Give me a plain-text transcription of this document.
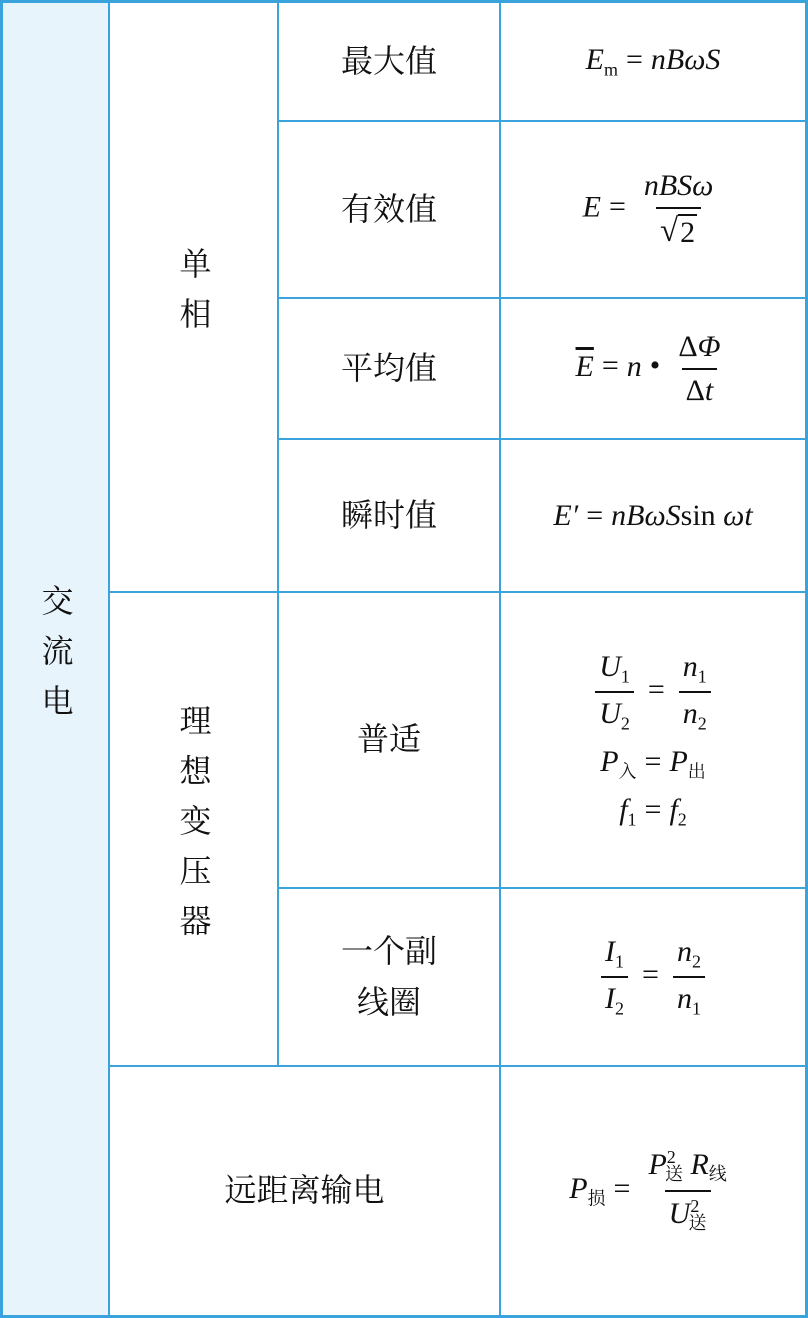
交流电
单相
理想变压器
远距离输电
最大值
有效值
平均值
瞬时值
普适
一个副
线圈
$E_m = nB\omega S$
$E = \frac{\text{nBSω}}{√ 2}$
$\overline{E} = n$ • $\frac{\Delta\Phi}{\Delta t}$
E′ = nBωSsin ωt
$\frac{U_1}{U_2} = \frac{n_1}{n_2}$
$P_入 = P_出$
$f_1 = f_2$
$\frac{I_1}{I_2} = \frac{n_2}{n_1}$
$P_损 = \frac{P^2_送 R_线}{U^2_送}$
